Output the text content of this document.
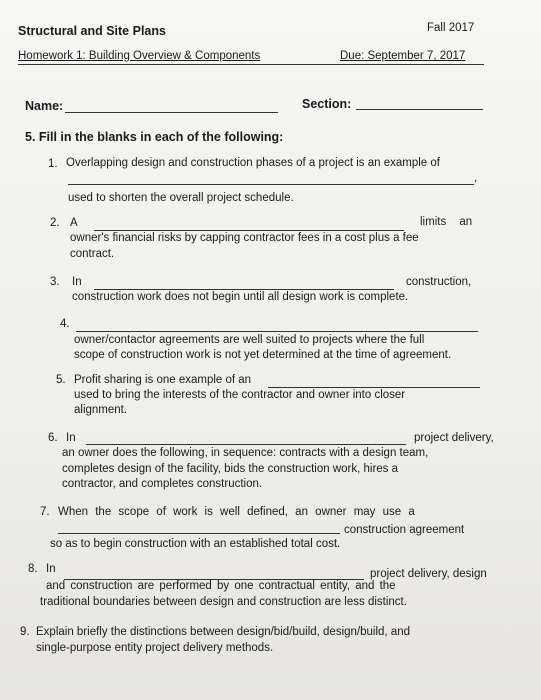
Structural and Site Plans	Fall 2017
Homework 1: Building Overview & Components	Due: September 7, 2017
Name:	Section:
5. Fill in the blanks in each of the following:
1. Overlapping design and construction phases of a project is an example of
,
used to shorten the overall project schedule.
2. A	limits an
owner's financial risks by capping contractor fees in a cost plus a fee
contract.
3. In	construction,
construction work does not begin until all design work is complete.
4.
owner/contactor agreements are well suited to projects where the full
scope of construction work is not yet determined at the time of agreement.
5. Profit sharing is one example of an
used to bring the interests of the contractor and owner into closer
alignment.
6. In	project delivery,
an owner does the following, in sequence: contracts with a design team,
completes design of the facility, bids the construction work, hires a
contractor, and completes construction.
7. When the scope of work is well defined, an owner may use a
construction agreement
so as to begin construction with an established total cost.
8. In	project delivery, design
and construction are performed by one contractual entity, and the
traditional boundaries between design and construction are less distinct.
9. Explain briefly the distinctions between design/bid/build, design/build, and
single-purpose entity project delivery methods.
